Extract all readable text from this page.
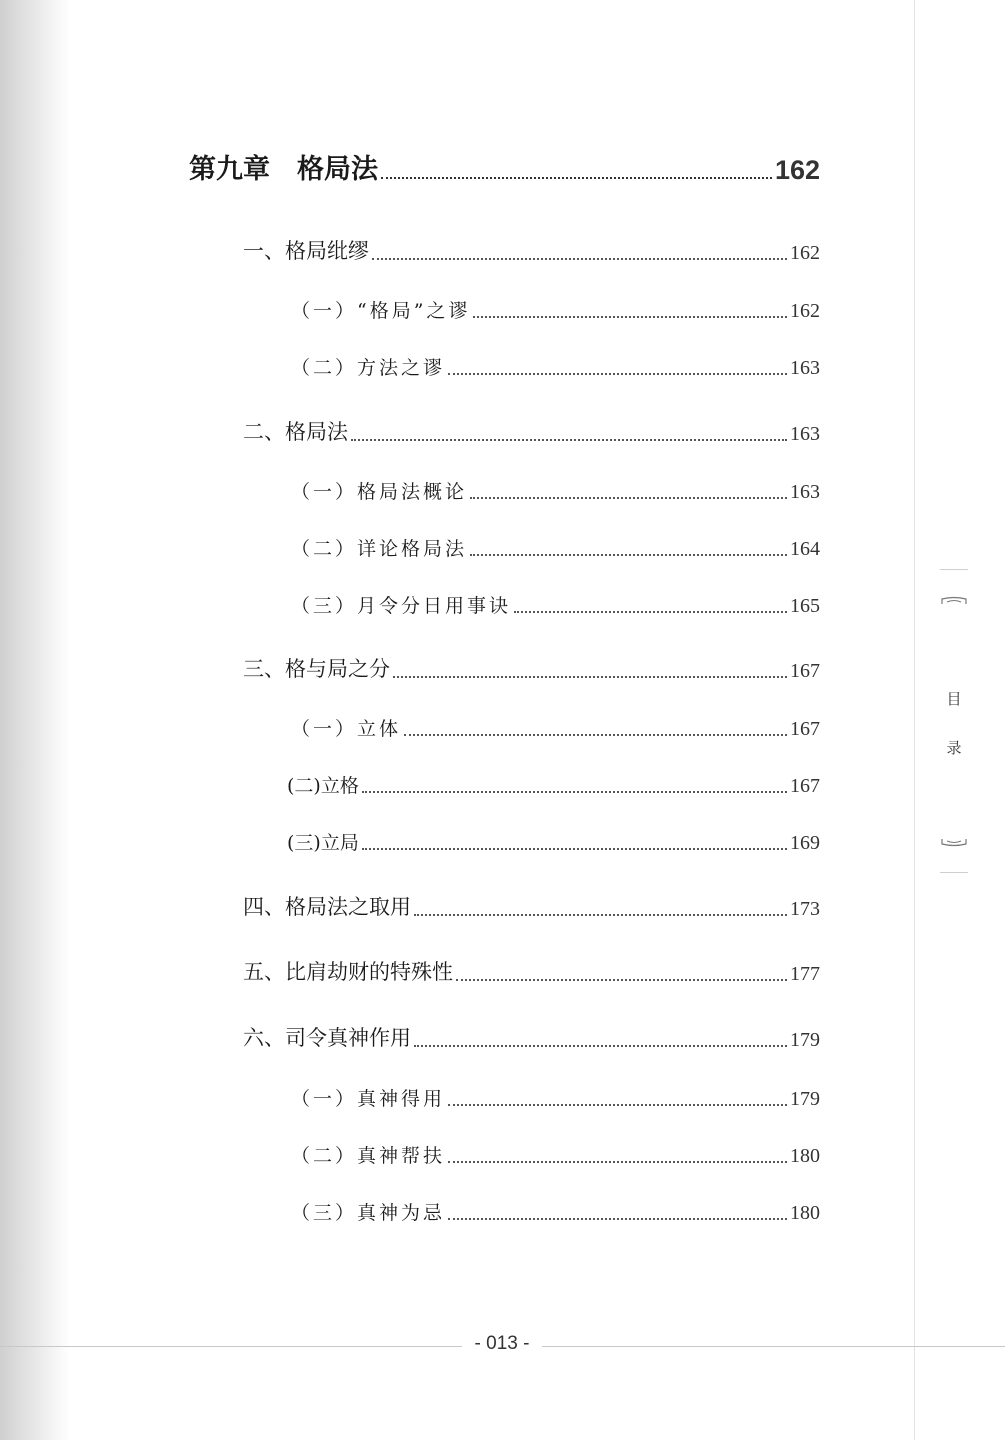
第九章　格局法	162
一、格局纰缪	162
（一）“格局”之谬	162
（二）方法之谬	163
二、格局法	163
（一）格局法概论	163
（二）详论格局法	164
（三）月令分日用事诀	165
三、格与局之分	167
（一）立体	167
(二)立格	167
(三)立局	169
四、格局法之取用	173
五、比肩劫财的特殊性	177
六、司令真神作用	179
（一）真神得用	179
（二）真神帮扶	180
（三）真神为忌	180
目
录
- 013 -
